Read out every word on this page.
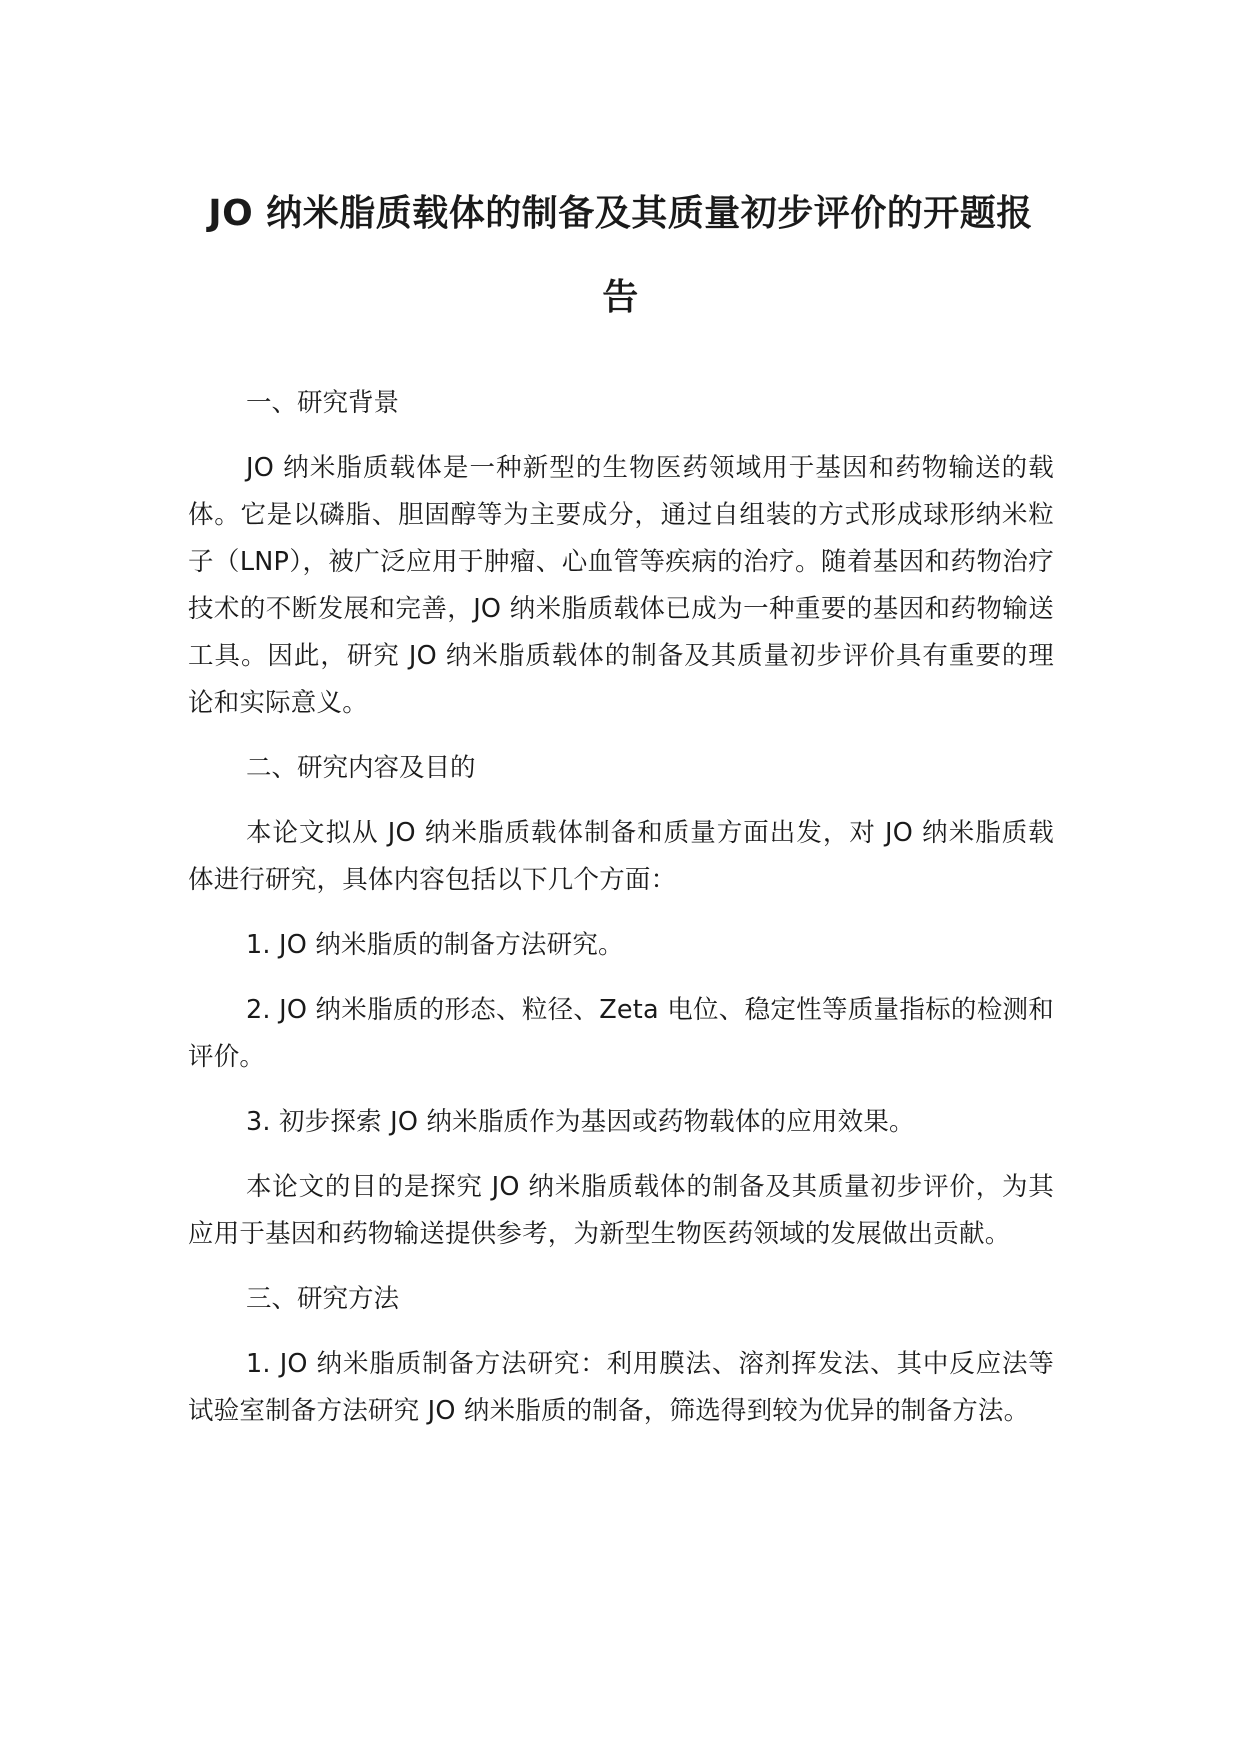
JO 纳米脂质载体的制备及其质量初步评价的开题报告
一、研究背景

JO 纳米脂质载体是一种新型的生物医药领域用于基因和药物输送的载体。它是以磷脂、胆固醇等为主要成分，通过自组装的方式形成球形纳米粒子（LNP），被广泛应用于肿瘤、心血管等疾病的治疗。随着基因和药物治疗技术的不断发展和完善，JO 纳米脂质载体已成为一种重要的基因和药物输送工具。因此，研究 JO 纳米脂质载体的制备及其质量初步评价具有重要的理论和实际意义。

二、研究内容及目的

本论文拟从 JO 纳米脂质载体制备和质量方面出发，对 JO 纳米脂质载体进行研究，具体内容包括以下几个方面：

1. JO 纳米脂质的制备方法研究。

2. JO 纳米脂质的形态、粒径、Zeta 电位、稳定性等质量指标的检测和评价。

3. 初步探索 JO 纳米脂质作为基因或药物载体的应用效果。

本论文的目的是探究 JO 纳米脂质载体的制备及其质量初步评价，为其应用于基因和药物输送提供参考，为新型生物医药领域的发展做出贡献。

三、研究方法

1. JO 纳米脂质制备方法研究：利用膜法、溶剂挥发法、其中反应法等试验室制备方法研究 JO 纳米脂质的制备，筛选得到较为优异的制备方法。
